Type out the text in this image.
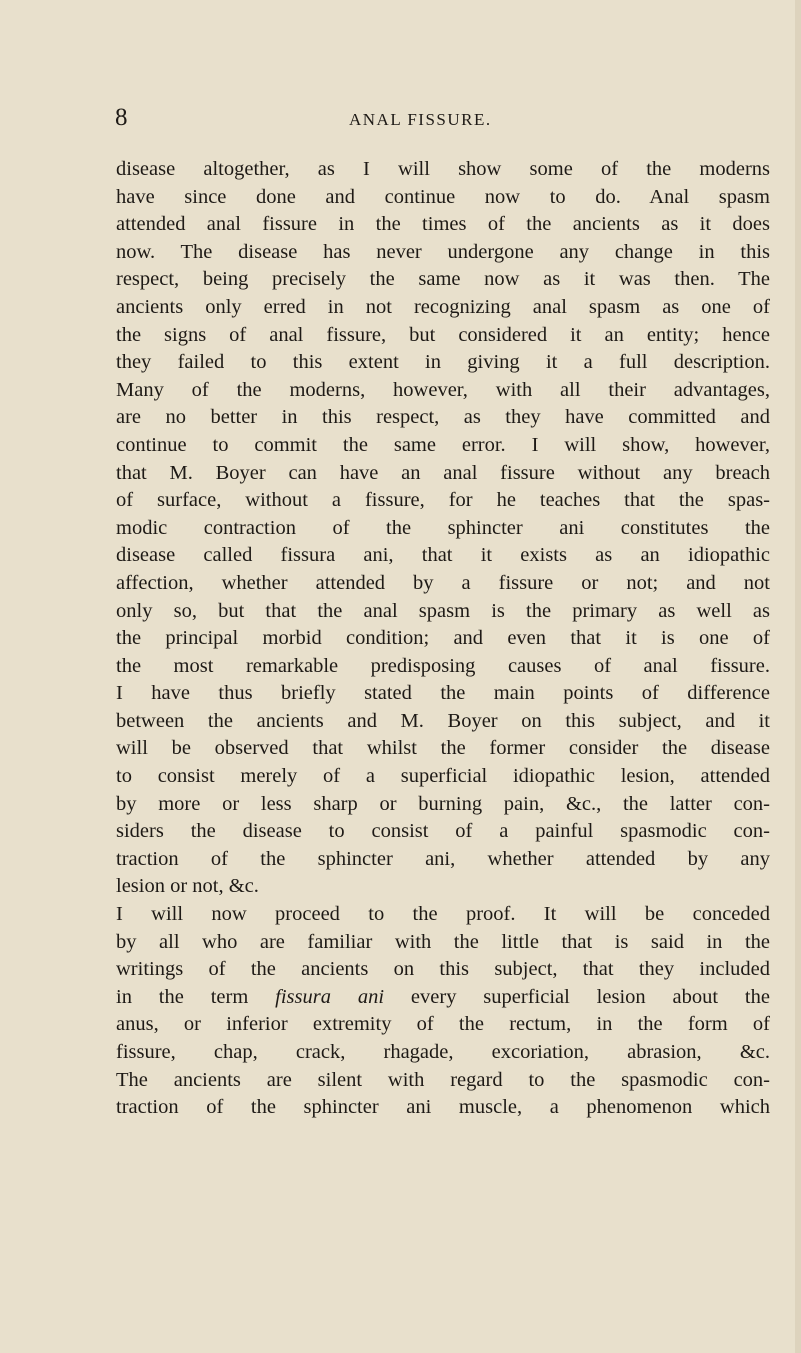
8	ANAL FISSURE.
disease altogether, as I will show some of the moderns
have since done and continue now to do. Anal spasm
attended anal fissure in the times of the ancients as it does
now. The disease has never undergone any change in this
respect, being precisely the same now as it was then. The
ancients only erred in not recognizing anal spasm as one of
the signs of anal fissure, but considered it an entity; hence
they failed to this extent in giving it a full description.
Many of the moderns, however, with all their advantages,
are no better in this respect, as they have committed and
continue to commit the same error. I will show, however,
that M. Boyer can have an anal fissure without any breach
of surface, without a fissure, for he teaches that the spas-
modic contraction of the sphincter ani constitutes the
disease called fissura ani, that it exists as an idiopathic
affection, whether attended by a fissure or not; and not
only so, but that the anal spasm is the primary as well as
the principal morbid condition; and even that it is one of
the most remarkable predisposing causes of anal fissure.
I have thus briefly stated the main points of difference
between the ancients and M. Boyer on this subject, and it
will be observed that whilst the former consider the disease
to consist merely of a superficial idiopathic lesion, attended
by more or less sharp or burning pain, &c., the latter con-
siders the disease to consist of a painful spasmodic con-
traction of the sphincter ani, whether attended by any
lesion or not, &c.
I will now proceed to the proof. It will be conceded
by all who are familiar with the little that is said in the
writings of the ancients on this subject, that they included
in the term fissura ani every superficial lesion about the
anus, or inferior extremity of the rectum, in the form of
fissure, chap, crack, rhagade, excoriation, abrasion, &c.
The ancients are silent with regard to the spasmodic con-
traction of the sphincter ani muscle, a phenomenon which
